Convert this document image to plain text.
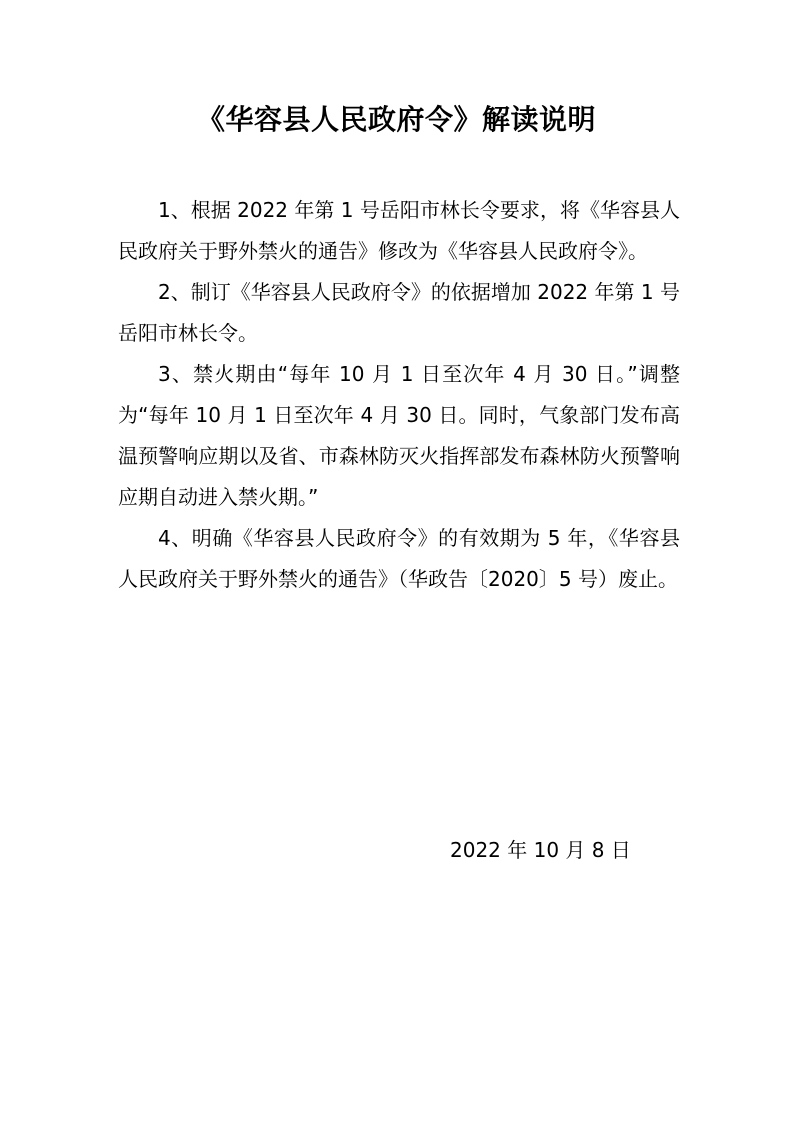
《华容县人民政府令》解读说明

1、根据 2022 年第 1 号岳阳市林长令要求，将《华容县人民政府关于野外禁火的通告》修改为《华容县人民政府令》。

2、制订《华容县人民政府令》的依据增加 2022 年第 1 号岳阳市林长令。

3、禁火期由“每年 10 月 1 日至次年 4 月 30 日。”调整为“每年 10 月 1 日至次年 4 月 30 日。同时，气象部门发布高温预警响应期以及省、市森林防灭火指挥部发布森林防火预警响应期自动进入禁火期。”

4、明确《华容县人民政府令》的有效期为 5 年，《华容县人民政府关于野外禁火的通告》（华政告〔2020〕5 号）废止。

2022 年 10 月 8 日
